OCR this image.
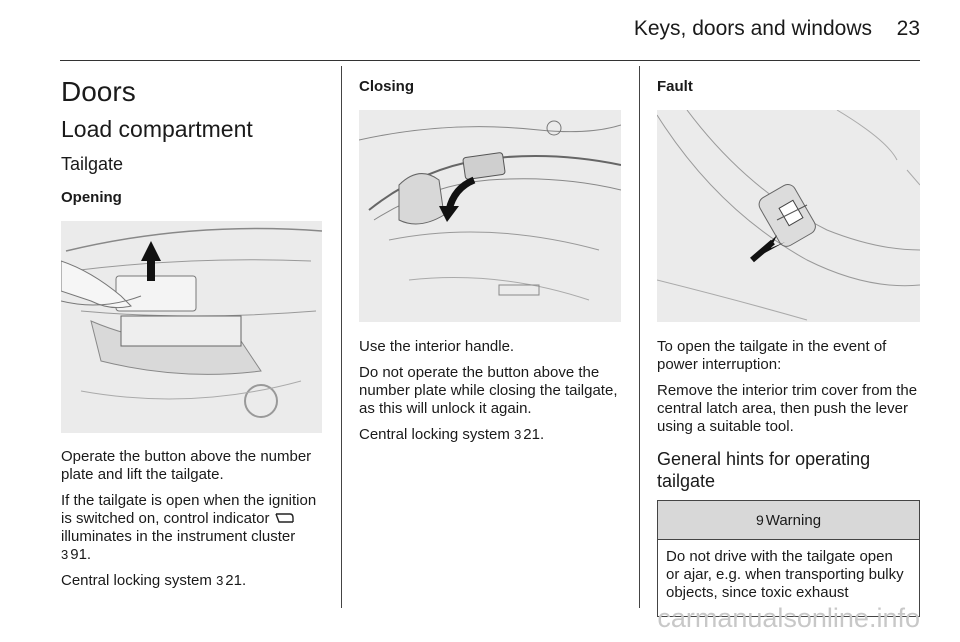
Keys, doors and windows 23
Doors
Load compartment
Tailgate
Opening

Operate the button above the number plate and lift the tailgate.

If the tailgate is open when the ignition is switched on, control indicator  illuminates in the instrument cluster 3 91.

Central locking system 3 21.

Closing

Use the interior handle.

Do not operate the button above the number plate while closing the tailgate, as this will unlock it again.

Central locking system 3 21.

Fault

To open the tailgate in the event of power interruption:

Remove the interior trim cover from the central latch area, then push the lever using a suitable tool.

General hints for operating tailgate
9 Warning
Do not drive with the tailgate open or ajar, e.g. when transporting bulky objects, since toxic exhaust
carmanualsonline.info
